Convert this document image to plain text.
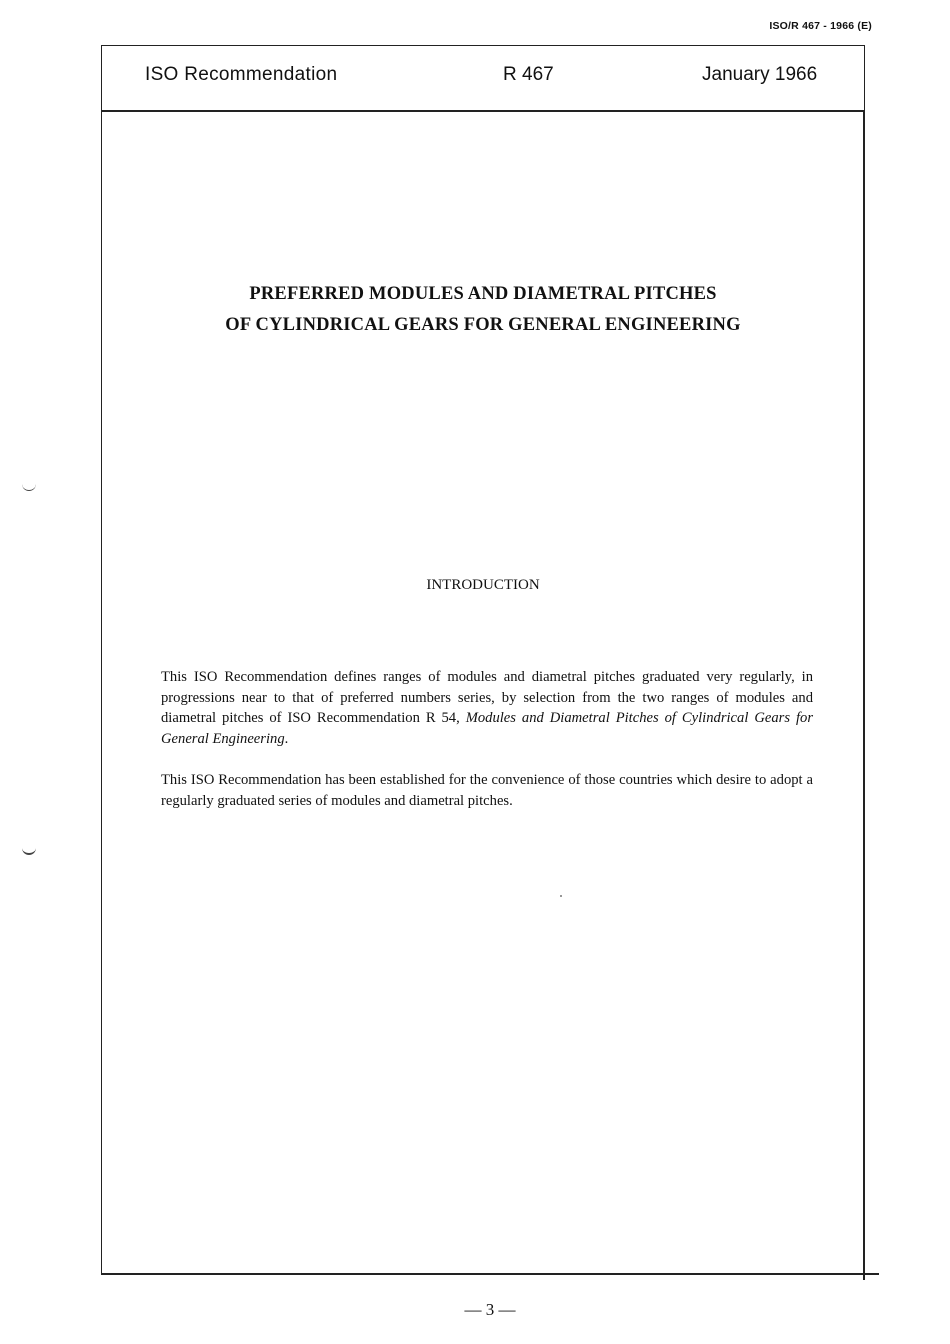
ISO/R 467 - 1966 (E)
ISO Recommendation	R 467	January 1966
PREFERRED MODULES AND DIAMETRAL PITCHES
OF CYLINDRICAL GEARS FOR GENERAL ENGINEERING
INTRODUCTION

This ISO Recommendation defines ranges of modules and diametral pitches graduated very regularly, in progressions near to that of preferred numbers series, by selection from the two ranges of modules and diametral pitches of ISO Recommendation R 54, Modules and Diametral Pitches of Cylindrical Gears for General Engineering.

This ISO Recommendation has been established for the convenience of those countries which desire to adopt a regularly graduated series of modules and diametral pitches.

— 3 —
